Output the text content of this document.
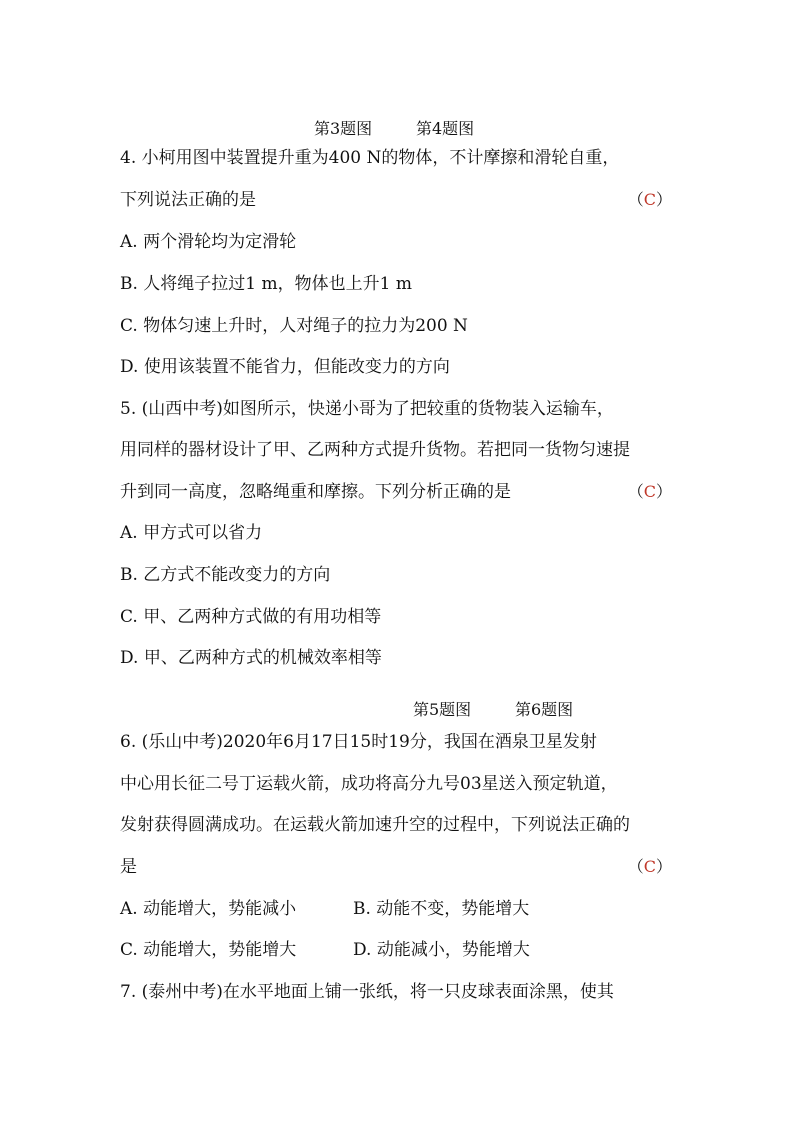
第3题图	第4题图
4. 小柯用图中装置提升重为400 N的物体，不计摩擦和滑轮自重，
下列说法正确的是	（C）
A. 两个滑轮均为定滑轮
B. 人将绳子拉过1 m，物体也上升1 m
C. 物体匀速上升时，人对绳子的拉力为200 N
D. 使用该装置不能省力，但能改变力的方向
5. (山西中考)如图所示，快递小哥为了把较重的货物装入运输车，
用同样的器材设计了甲、乙两种方式提升货物。若把同一货物匀速提
升到同一高度，忽略绳重和摩擦。下列分析正确的是	（C）
A. 甲方式可以省力
B. 乙方式不能改变力的方向
C. 甲、乙两种方式做的有用功相等
D. 甲、乙两种方式的机械效率相等
第5题图	第6题图
6. (乐山中考)2020年6月17日15时19分，我国在酒泉卫星发射
中心用长征二号丁运载火箭，成功将高分九号03星送入预定轨道，
发射获得圆满成功。在运载火箭加速升空的过程中，下列说法正确的
是	（C）
A. 动能增大，势能减小	B. 动能不变，势能增大
C. 动能增大，势能增大	D. 动能减小，势能增大
7. (泰州中考)在水平地面上铺一张纸，将一只皮球表面涂黑，使其
